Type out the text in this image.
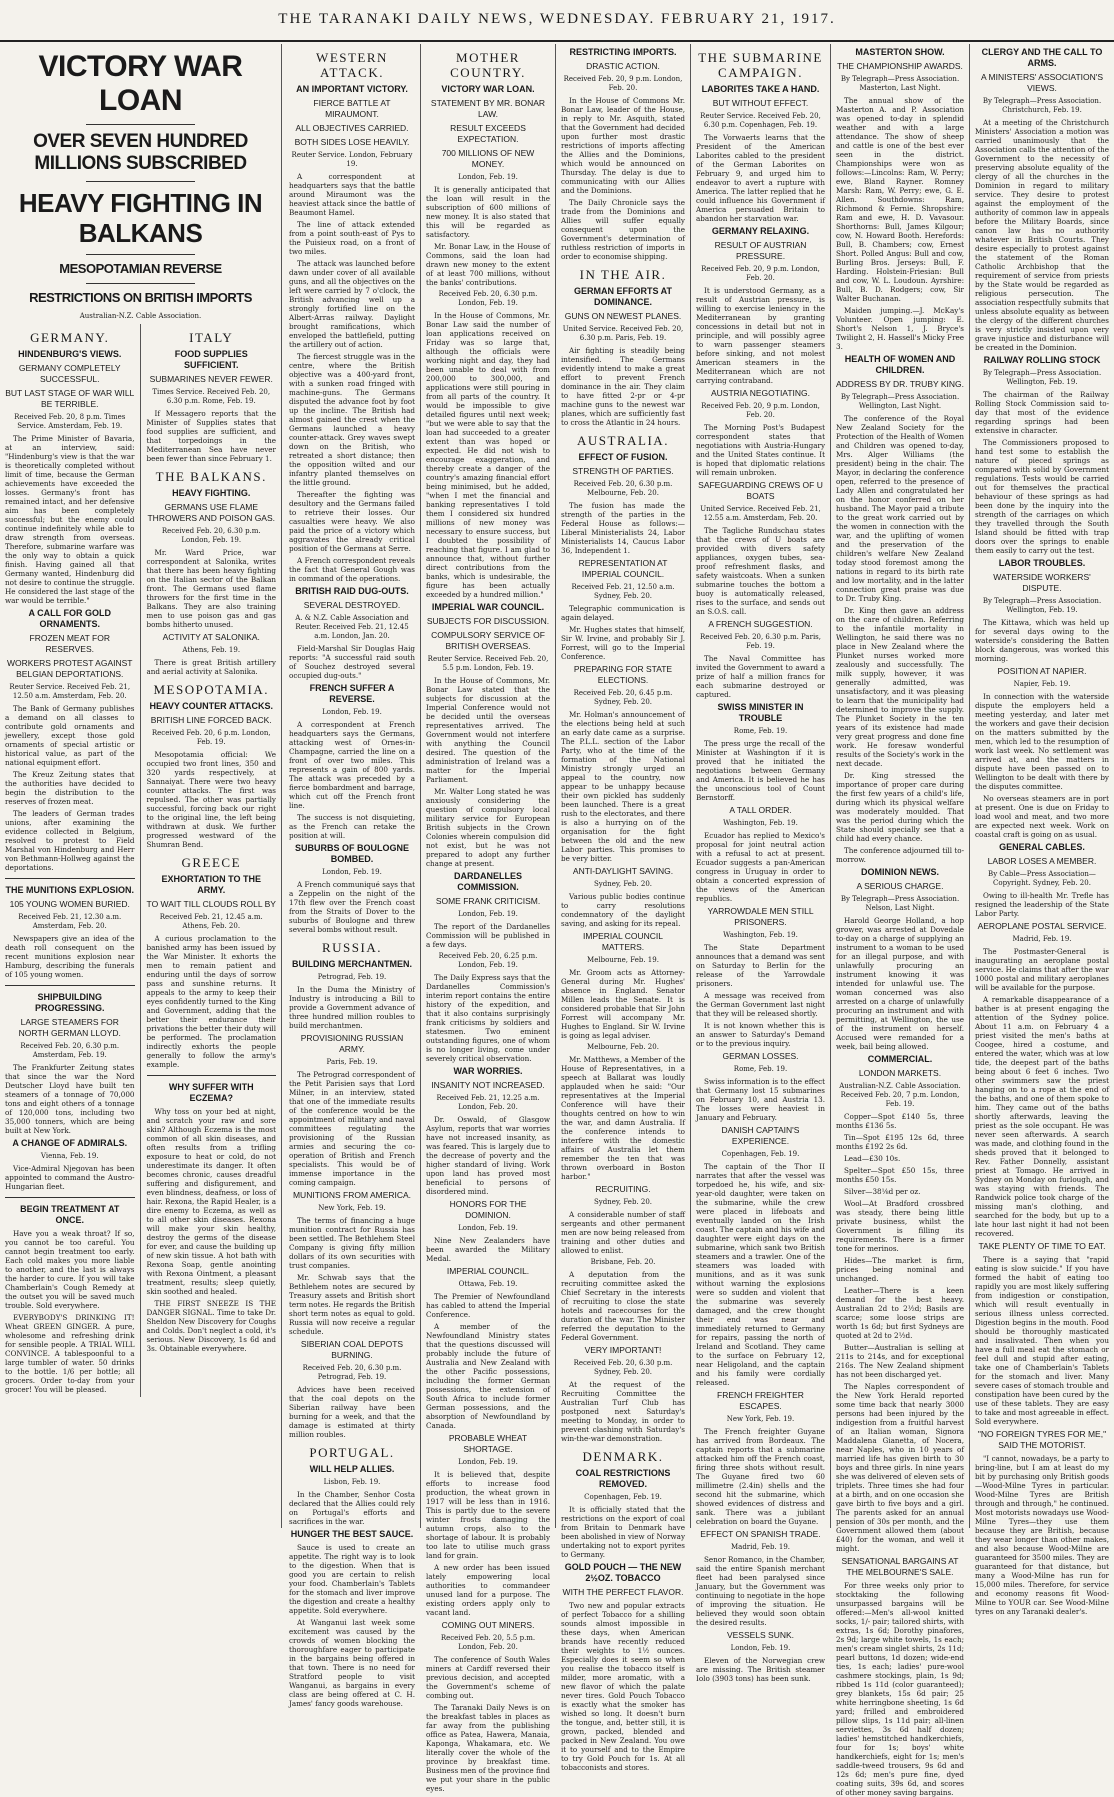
THE TARANAKI DAILY NEWS, WEDNESDAY. FEBRUARY 21, 1917.
VICTORY WAR LOAN
OVER SEVEN HUNDRED MILLIONS SUBSCRIBED
HEAVY FIGHTING IN BALKANS
MESOPOTAMIAN REVERSE
RESTRICTIONS ON BRITISH IMPORTS
Australian-N.Z. Cable Association.
GERMANY.
HINDENBURG'S VIEWS.
GERMANY COMPLETELY SUCCESSFUL.
BUT LAST STAGE OF WAR WILL BE TERRIBLE.
Received Feb. 20, 8 p.m. Times Service. Amsterdam, Feb. 19.

The Prime Minister of Bavaria, at an interview, said: "Hindenburg's view is that the war is theoretically completed without limit of time, because the German achievements have exceeded the losses. Germany's front has remained intact, and her defensive aim has been completely successful; but the enemy could continue indefinitely while able to draw strength from overseas. Therefore, submarine warfare was the only way to obtain a quick finish. Having gained all that Germany wanted, Hindenburg did not desire to continue the struggle. He considered the last stage of the war would be terrible."

A CALL FOR GOLD ORNAMENTS.
FROZEN MEAT FOR RESERVES.
WORKERS PROTEST AGAINST BELGIAN DEPORTATIONS.
Reuter Service. Received Feb. 21, 12.50 a.m. Amsterdam, Feb. 20.

The Bank of Germany publishes a demand on all classes to contribute gold ornaments and jewellery, except those gold ornaments of special artistic or historical value, as part of the national equipment effort.

The Kreuz Zeitung states that the authorities have decided to begin the distribution to the reserves of frozen meat.

The leaders of German trades unions, after examining the evidence collected in Belgium, resolved to protest to Field Marshal von Hindenburg and Herr von Bethmann-Hollweg against the deportations.

THE MUNITIONS EXPLOSION.
105 YOUNG WOMEN BURIED.
Received Feb. 21, 12.30 a.m. Amsterdam, Feb. 20.

Newspapers give an idea of the death roll consequent on the recent munitions explosion near Hamburg, describing the funerals of 105 young women.

SHIPBUILDING PROGRESSING.
LARGE STEAMERS FOR NORTH GERMAN LLOYD.
Received Feb. 20, 6.30 p.m. Amsterdam, Feb. 19.

The Frankfurter Zeitung states that since the war the Nord Deutscher Lloyd have built ten steamers of a tonnage of 70,000 tons and eight others of a tonnage of 120,000 tons, including two 35,000 tonners, which are being built at New York.

A CHANGE OF ADMIRALS.
Vienna, Feb. 19.

Vice-Admiral Njegovan has been appointed to command the Austro-Hungarian fleet.

BEGIN TREATMENT AT ONCE.

Have you a weak throat? If so, you cannot be too careful. You cannot begin treatment too early. Each cold makes you more liable to another, and the last is always the harder to cure. If you will take Chamberlain's Cough Remedy at the outset you will be saved much trouble. Sold everywhere.

EVERYBODY'S DRINKING IT! Wheat GREEN GINGER. A pure, wholesome and refreshing drink for sensible people. A TRIAL WILL CONVINCE. A tablespoonful to a large tumbler of water. 50 drinks to the bottle. 1/6 per bottle; all grocers. Order to-day from your grocer! You will be pleased.

ITALY
FOOD SUPPLIES SUFFICIENT.
SUBMARINES NEVER FEWER.
Times Service. Received Feb. 20, 6.30 p.m. Rome, Feb. 19.

If Messagero reports that the Minister of Supplies states that food supplies are sufficient, and that torpedoings in the Mediterranean Sea have never been fewer than since February 1.

THE BALKANS.
HEAVY FIGHTING.
GERMANS USE FLAME THROWERS AND POISON GAS.
Received Feb. 20, 6.30 p.m. London, Feb. 19.

Mr. Ward Price, war correspondent at Salonika, writes that there has been heavy fighting on the Italian sector of the Balkan front. The Germans used flame throwers for the first time in the Balkans. They are also training men to use poison gas and gas bombs hitherto unused.

ACTIVITY AT SALONIKA.
Athens, Feb. 19.

There is great British artillery and aerial activity at Salonika.

MESOPOTAMIA.
HEAVY COUNTER ATTACKS.
BRITISH LINE FORCED BACK.
Received Feb. 20, 6 p.m. London, Feb. 19.

Mesopotamia official: We occupied two front lines, 350 and 320 yards respectively, at Sannaiyat. There were two heavy counter attacks. The first was repulsed. The other was partially successful, forcing back our right to the original line, the left being withdrawn at dusk. We further progressed westward of the Shumran Bend.

GREECE
EXHORTATION TO THE ARMY.
TO WAIT TILL CLOUDS ROLL BY
Received Feb. 21, 12.45 a.m. Athens, Feb. 20.

A curious proclamation to the banished army has been issued by the War Minister. It exhorts the men to remain patient and enduring until the days of sorrow pass and sunshine returns. It appeals to the army to keep their eyes confidently turned to the King and Government, adding that the better their endurance their privations the better their duty will be performed. The proclamation indirectly exhorts the people generally to follow the army's example.

WHY SUFFER WITH ECZEMA?

Why toss on your bed at night, and scratch your raw and sore skin? Although Eczema is the most common of all skin diseases, and often results from a trifling exposure to heat or cold, do not underestimate its danger. It often becomes chronic, causes dreadful suffering and disfigurement, and even blindness, deafness, or loss of hair. Rexona, the Rapid Healer, is a dire enemy to Eczema, as well as to all other skin diseases. Rexona will make your skin healthy, destroy the germs of the disease for ever, and cause the building up of new skin tissue. A hot bath with Rexona Soap, gentle anointing with Rexona Ointment, a pleasant treatment, results; sleep quietly, skin soothed and healed.

THE FIRST SNEEZE IS THE DANGER SIGNAL. Time to take Dr. Sheldon New Discovery for Coughs and Colds. Don't neglect a cold, it's serious. New Discovery, 1s 6d and 3s. Obtainable everywhere.

WESTERN ATTACK.
AN IMPORTANT VICTORY.
FIERCE BATTLE AT MIRAUMONT.
ALL OBJECTIVES CARRIED.
BOTH SIDES LOSE HEAVILY.
Reuter Service. London, February 19.

A correspondent at headquarters says that the battle around Miraumont was the heaviest attack since the battle of Beaumont Hamel.

The line of attack extended from a point south-east of Pys to the Puisieux road, on a front of two miles.

The attack was launched before dawn under cover of all available guns, and all the objectives on the left were carried by 7 o'clock, the British advancing well up a strongly fortified line on the Albert-Arras railway. Daylight brought ramifications, which enveloped the battlefield, putting the artillery out of action.

The fiercest struggle was in the centre, where the British objective was a 400-yard front, with a sunken road fringed with machine-guns. The Germans disputed the advance foot by foot up the incline. The British had almost gained the crest when the Germans launched a heavy counter-attack. Grey waves swept down on the British, who retreated a short distance; then the opposition wilted and our infantry planted themselves on the little ground.

Thereafter the fighting was desultory and the Germans failed to retrieve their losses. Our casualties were heavy. We also paid the price of a victory which aggravates the already critical position of the Germans at Serre.

A French correspondent reveals the fact that General Gough was in command of the operations.

BRITISH RAID DUG-OUTS.
SEVERAL DESTROYED.
A. & N.Z. Cable Association and Reuter. Received Feb. 21, 12.45 a.m. London, Jan. 20.

Field-Marshal Sir Douglas Haig reports: "A successful raid south of Souchez destroyed several occupied dug-outs."

FRENCH SUFFER A REVERSE.
London, Feb. 19.

A correspondent at French headquarters says the Germans, attacking west of Ornes-in-Champagne, carried the line on a front of over two miles. This represents a gain of 800 yards. The attack was preceded by a fierce bombardment and barrage, which cut off the French front line.

The success is not disquieting, as the French can retake the position at will.

SUBURBS OF BOULOGNE BOMBED.
London, Feb. 19.

A French communiqué says that a Zeppelin on the night of the 17th flew over the French coast from the Straits of Dover to the suburbs of Boulogne and threw several bombs without result.

RUSSIA.
BUILDING MERCHANTMEN.
Petrograd, Feb. 19.

In the Duma the Ministry of Industry is introducing a Bill to provide a Government advance of three hundred million roubles to build merchantmen.

PROVISIONING RUSSIAN ARMY.
Paris, Feb. 19.

The Petrograd correspondent of the Petit Parisien says that Lord Milner, in an interview, stated that one of the immediate results of the conference would be the appointment of military and naval committees regulating the provisioning of the Russian armies and securing the co-operation of British and French specialists. This would be of immense importance in the coming campaign.

MUNITIONS FROM AMERICA.
New York, Feb. 19.

The terms of financing a huge munition contract for Russia has been settled. The Bethlehem Steel Company is giving fifty million dollars of its own securities with trust companies.

Mr. Schwab says that the Bethlehem notes are secured by Treasury assets and British short term notes. He regards the British short term notes as equal to gold. Russia will now receive a regular schedule.

SIBERIAN COAL DEPOTS BURNING.
Received Feb. 20, 6.30 p.m. Petrograd, Feb. 19.

Advices have been received that the coal depots on the Siberian railway have been burning for a week, and that the damage is estimated at thirty million roubles.

PORTUGAL.
WILL HELP ALLIES.
Lisbon, Feb. 19.

In the Chamber, Senhor Costa declared that the Allies could rely on Portugal's efforts and sacrifices in the war.

HUNGER THE BEST SAUCE.

Sauce is used to create an appetite. The right way is to look to the digestion. When that is good you are certain to relish your food. Chamberlain's Tablets for the stomach and liver improve the digestion and create a healthy appetite. Sold everywhere.

At Wanganui last week some excitement was caused by the crowds of women blocking the thoroughfare eager to participate in the bargains being offered in that town. There is no need for Stratford people to visit Wanganui, as bargains in every class are being offered at C. H. James' fancy goods warehouse.

MOTHER COUNTRY.
VICTORY WAR LOAN.
STATEMENT BY MR. BONAR LAW.
RESULT EXCEEDS EXPECTATION.
700 MILLIONS OF NEW MONEY.
London, Feb. 19.

It is generally anticipated that the loan will result in the subscription of 600 millions of new money. It is also stated that this will be regarded as satisfactory.

Mr. Bonar Law, in the House of Commons, said the loan had drawn new money to the extent of at least 700 millions, without the banks' contributions.

Received Feb. 20, 6.30 p.m. London, Feb. 19.

In the House of Commons, Mr. Bonar Law said the number of loan applications received on Friday was so large that, although the officials were working night and day, they had been unable to deal with from 200,000 to 300,000, and applications were still pouring in from all parts of the country. It would be impossible to give detailed figures until next week; "but we were able to say that the loan had succeeded to a greater extent than was hoped or expected. He did not wish to encourage exaggeration, and thereby create a danger of the country's amazing financial effort being minimised, but he added, "when I met the financial and banking representatives I told them I considered six hundred millions of new money was necessary to ensure success, but I doubted the possibility of reaching that figure. I am glad to announce that, without further direct contributions from the banks, which is undesirable, the figure has been actually exceeded by a hundred million."

IMPERIAL WAR COUNCIL.
SUBJECTS FOR DISCUSSION.
COMPULSORY SERVICE OF BRITISH OVERSEAS.
Reuter Service. Received Feb. 20, 5.5 p.m. London, Feb. 19.

In the House of Commons, Mr. Bonar Law stated that the subjects for discussion at the Imperial Conference would not be decided until the overseas representatives arrived. The Government would not interfere with anything the Council desired. The question of the administration of Ireland was a matter for the Imperial Parliament.

Mr. Walter Long stated he was anxiously considering the question of compulsory local military service for European British subjects in the Crown Colonies wherein compulsion did not exist, but he was not prepared to adopt any further change at present.

DARDANELLES COMMISSION.
SOME FRANK CRITICISM.
London, Feb. 19.

The report of the Dardanelles Commission will be published in a few days.

Received Feb. 20, 6.25 p.m. London, Feb. 19.

The Daily Express says that the Dardanelles Commission's interim report contains the entire history of the expedition, and that it also contains surprisingly frank criticisms by soldiers and statesmen. Two eminent outstanding figures, one of whom is no longer living, come under severely critical observation.

WAR WORRIES.
INSANITY NOT INCREASED.
Received Feb. 21, 12.25 a.m. London, Feb. 20.

Dr. Oswald, of Glasgow Asylum, reports that war worries have not increased insanity, as was feared. This is largely due to the decrease of poverty and the higher standard of living. Work upon land has proved most beneficial to persons of disordered mind.

HONORS FOR THE DOMINION.
London, Feb. 19.

Nine New Zealanders have been awarded the Military Medal.

IMPERIAL COUNCIL.
Ottawa, Feb. 19.

The Premier of Newfoundland has cabled to attend the Imperial Conference.

A member of the Newfoundland Ministry states that the questions discussed will probably include the future of Australia and New Zealand with the other Pacific possessions, including the former German possessions, the extension of South Africa to include former German possessions, and the absorption of Newfoundland by Canada.

PROBABLE WHEAT SHORTAGE.
London, Feb. 19.

It is believed that, despite efforts to increase food production, the wheat grown in 1917 will be less than in 1916. This is partly due to the severe winter frosts damaging the autumn crops, also to the shortage of labour. It is probably too late to utilise much grass land for grain.

A new order has been issued lately empowering local authorities to commandeer unused land for a purpose. The existing orders apply only to vacant land.

COMING OUT MINERS.
Received Feb. 20, 5.5 p.m. London, Feb. 20.

The conference of South Wales miners at Cardiff reversed their previous decision, and accepted the Government's scheme of combing out.

The Taranaki Daily News is on the breakfast tables in places as far away from the publishing office as Patea, Hawera, Manaia, Kaponga, Whakamara, etc. We literally cover the whole of the province by breakfast time. Business men of the province find we put your share in the public eyes.

RESTRICTING IMPORTS.
DRASTIC ACTION.
Received Feb. 20, 9 p.m. London, Feb. 20.

In the House of Commons Mr. Bonar Law, leader of the House, in reply to Mr. Asquith, stated that the Government had decided upon further most drastic restrictions of imports affecting the Allies and the Dominions, which would be announced on Thursday. The delay is due to communicating with our Allies and the Dominions.

The Daily Chronicle says the trade from the Dominions and Allies will suffer equally consequent upon the Government's determination of ruthless restriction of imports in order to economise shipping.

IN THE AIR.
GERMAN EFFORTS AT DOMINANCE.
GUNS ON NEWEST PLANES.
United Service. Received Feb. 20, 6.30 p.m. Paris, Feb. 19.

Air fighting is steadily being intensified. The Germans evidently intend to make a great effort to prevent French dominance in the air. They claim to have fitted 2-pr or 4-pr machine guns to the newest war planes, which are sufficiently fast to cross the Atlantic in 24 hours.

AUSTRALIA.
EFFECT OF FUSION.
STRENGTH OF PARTIES.
Received Feb. 20, 6.30 p.m. Melbourne, Feb. 20.

The fusion has made the strength of the parties in the Federal House as follows:—Liberal Ministerialists 24, Labor Ministerialists 14, Caucus Labor 36, Independent 1.

REPRESENTATION AT IMPERIAL COUNCIL.
Received Feb. 21, 12.50 a.m. Sydney, Feb. 20.

Telegraphic communication is again delayed.

Mr. Hughes states that himself, Sir W. Irvine, and probably Sir J. Forrest, will go to the Imperial Conference.

PREPARING FOR STATE ELECTIONS.
Received Feb. 20, 6.45 p.m. Sydney, Feb. 20.

Mr. Holman's announcement of the elections being held at such an early date came as a surprise. The P.L.L. section of the Labor Party, who at the time of the formation of the National Ministry strongly urged an appeal to the country, now appear to be unhappy because their own pickled has suddenly been launched. There is a great rush to the electorates, and there is also a hurrying on of the organisation for the fight between the old and the new Labor parties. This promises to be very bitter.

ANTI-DAYLIGHT SAVING.
Sydney, Feb. 20.

Various public bodies continue to carry resolutions condemnatory of the daylight saving, and asking for its repeal.

IMPERIAL COUNCIL MATTERS.
Melbourne, Feb. 19.

Mr. Groom acts as Attorney-General during Mr. Hughes' absence in England. Senator Millen leads the Senate. It is considered probable that Sir John Forrest will accompany Mr. Hughes to England. Sir W. Irvine is going as legal adviser.

Melbourne, Feb. 20.

Mr. Matthews, a Member of the House of Representatives, in a speech at Ballarat was loudly applauded when he said: "Our representatives at the Imperial Conference will have their thoughts centred on how to win the war, and damn Australia. If the conference intends to interfere with the domestic affairs of Australia let them remember the ten that was thrown overboard in Boston harbor."

RECRUITING.
Sydney, Feb. 20.

A considerable number of staff sergeants and other permanent men are now being released from training and other duties and allowed to enlist.

Brisbane, Feb. 20.

A deputation from the recruiting committee asked the Chief Secretary in the interests of recruiting to close the state hotels and racecourses for the duration of the war. The Minister referred the deputation to the Federal Government.

VERY IMPORTANT!
Received Feb. 20, 6.30 p.m. Sydney, Feb. 20.

At the request of the Recruiting Committee the Australian Turf Club has postponed next Saturday's meeting to Monday, in order to prevent clashing with Saturday's win-the-war demonstration.

DENMARK.
COAL RESTRICTIONS REMOVED.
Copenhagen, Feb. 19.

It is officially stated that the restrictions on the export of coal from Britain to Denmark have been abolished in view of Norway undertaking not to export pyrites to Germany.

GOLD POUCH — THE NEW 2½OZ. TOBACCO
WITH THE PERFECT FLAVOR.

Two new and popular extracts of perfect Tobacco for a shilling sounds almost impossible in these days, when American brands have recently reduced their weights to 1½ ounces. Especially does it seem so when you realise the tobacco itself is milder, more aromatic, with a new flavor of which the palate never tires. Gold Pouch Tobacco is exactly what the smoker has wished so long. It doesn't burn the tongue, and, better still, it is grown, packed, blended and packed in New Zealand. You owe it to yourself and to the Empire to try Gold Pouch for 1s. At all tobacconists and stores.

THE SUBMARINE CAMPAIGN.
LABORITES TAKE A HAND.
BUT WITHOUT EFFECT.
Reuter Service. Received Feb. 20, 6.30 p.m. Copenhagen, Feb. 19.

The Vorwaerts learns that the President of the American Laborites cabled to the president of the German Laborites on February 9, and urged him to endeavor to avert a rupture with America. The latter replied that he could influence his Government if America persuaded Britain to abandon her starvation war.

GERMANY RELAXING.
RESULT OF AUSTRIAN PRESSURE.
Received Feb. 20, 9 p.m. London, Feb. 20.

It is understood Germany, as a result of Austrian pressure, is willing to exercise leniency in the Mediterranean by granting concessions in detail but not in principle, and will possibly agree to warn passenger steamers before sinking, and not molest American steamers in the Mediterranean which are not carrying contraband.

AUSTRIA NEGOTIATING.
Received Feb. 20, 9 p.m. London, Feb. 20.

The Morning Post's Budapest correspondent states that negotiations with Austria-Hungary and the United States continue. It is hoped that diplomatic relations will remain unbroken.

SAFEGUARDING CREWS OF U BOATS
United Service. Received Feb. 21, 12.55 a.m. Amsterdam, Feb. 20.

The Tagliche Rundschau states that the crews of U boats are provided with divers safety appliances, oxygen tubes, sea-proof refreshment flasks, and safety waistcoats. When a sunken submarine touches the bottom a buoy is automatically released, rises to the surface, and sends out an S.O.S. call.

A FRENCH SUGGESTION.
Received Feb. 20, 6.30 p.m. Paris, Feb. 19.

The Naval Committee has invited the Government to award a prize of half a million francs for each submarine destroyed or captured.

SWISS MINISTER IN TROUBLE
Rome, Feb. 19.

The press urge the recall of the Minister at Washington if it is proved that he initiated the negotiations between Germany and America. It is believed he has the unconscious tool of Count Bernstorff.

A TALL ORDER.
Washington, Feb. 19.

Ecuador has replied to Mexico's proposal for joint neutral action with a refusal to act at present. Ecuador suggests a pan-American congress in Uruguay in order to obtain a concerted expression of the views of the American republics.

YARROWDALE MEN STILL PRISONERS.
Washington, Feb. 19.

The State Department announces that a demand was sent on Saturday to Berlin for the release of the Yarrowdale prisoners.

A message was received from the German Government last night that they will be released shortly.

It is not known whether this is an answer to Saturday's Demand or to the previous inquiry.

GERMAN LOSSES.
Rome, Feb. 19.

Swiss information is to the effect that Germany lost 15 submarines on February 10, and Austria 13. The losses were heaviest in January and February.

DANISH CAPTAIN'S EXPERIENCE.
Copenhagen, Feb. 19.

The captain of the Thor II narrates that after the vessel was torpedoed he, his wife, and six-year-old daughter, were taken on the submarine, while the crew were placed in lifeboats and eventually landed on the Irish coast. The captain and his wife and daughter were eight days on the submarine, which sank two British steamers and a trawler. One of the steamers was loaded with munitions, and as it was sunk without warning the explosions were so sudden and violent that the submarine was severely damaged, and the crew thought their end was near and immediately returned to Germany for repairs, passing the north of Ireland and Scotland. They came to the surface on February 12, near Heligoland, and the captain and his family were cordially released.

FRENCH FREIGHTER ESCAPES.
New York, Feb. 19.

The French freighter Guyane has arrived from Bordeaux. The captain reports that a submarine attacked him off the French coast, firing three shots without result. The Guyane fired two 60 millimetre (2.4in) shells and the second hit the submarine, which showed evidences of distress and sank. There was a jubilant celebration on board the Guyane.

EFFECT ON SPANISH TRADE.
Madrid, Feb. 19.

Senor Romanco, in the Chamber, said the entire Spanish merchant fleet had been paralysed since January, but the Government was continuing to negotiate in the hope of improving the situation. He believed they would soon obtain the desired results.

VESSELS SUNK.
London, Feb. 19.

Eleven of the Norwegian crew are missing. The British steamer Iolo (3903 tons) has been sunk.

MASTERTON SHOW.
THE CHAMPIONSHIP AWARDS.
By Telegraph—Press Association. Masterton, Last Night.

The annual show of the Masterton A. and P. Association was opened to-day in splendid weather and with a large attendance. The show of sheep and cattle is one of the best ever seen in the district. Championships were won as follows:—Lincolns: Ram, W. Perry; ewe, Bland Rayner. Romney Marsh: Ram, W. Perry; ewe, G. E. Allen. Southdowns: Ram, Richmond & Fernie. Shropshire: Ram and ewe, H. D. Vavasour. Shorthorns: Bull, James Kilgour; cow, N. Howard Booth. Herefords: Bull, B. Chambers; cow, Ernest Short. Polled Angus: Bull and cow, Burling Bros. Jerseys: Bull, F. Harding. Holstein-Friesian: Bull and cow, W. L. Loudoun. Ayrshire: Bull, B. D. Rodgers; cow, Sir Walter Buchanan.

Maiden jumping.—J. McKay's Volunteer. Open jumping: E. Short's Nelson 1, J. Bryce's Twilight 2, H. Hassell's Micky Free 3.

HEALTH OF WOMEN AND CHILDREN.
ADDRESS BY DR. TRUBY KING.
By Telegraph—Press Association. Wellington, Last Night.

The conference of the Royal New Zealand Society for the Protection of the Health of Women and Children was opened to-day, Mrs. Alger Williams (the president) being in the chair. The Mayor, in declaring the conference open, referred to the presence of Lady Allen and congratulated her on the honor conferred on her husband. The Mayor paid a tribute to the great work carried out by the women in connection with the war, and the uplifting of women and the preservation of the children's welfare New Zealand today stood foremost among the nations in regard to its birth rate and low mortality, and in the latter connection great praise was due to Dr. Truby King.

Dr. King then gave an address on the care of children. Referring to the infantile mortality in Wellington, he said there was no place in New Zealand where the Plunket nurses worked more zealously and successfully. The milk supply, however, it was generally admitted, was unsatisfactory, and it was pleasing to learn that the municipality had determined to improve the supply. The Plunket Society in the ten years of its existence had made very great progress and done fine work. He foresaw wonderful results of the Society's work in the next decade.

Dr. King stressed the importance of proper care during the first few years of a child's life, during which its physical welfare was moderately moulded. That was the period during which the State should specially see that a child had every chance.

The conference adjourned till to-morrow.

DOMINION NEWS.
A SERIOUS CHARGE.
By Telegraph—Press Association. Nelson, Last Night.

Harold George Holland, a hop grower, was arrested at Dovedale to-day on a charge of supplying an instrument to a woman to be used for an illegal purpose, and with unlawfully procuring an instrument knowing it was intended for unlawful use. The woman concerned was also arrested on a charge of unlawfully procuring an instrument and with permitting, at Wellington, the use of the instrument on herself. Accused were remanded for a week, bail being allowed.

COMMERCIAL.
LONDON MARKETS.
Australian-N.Z. Cable Association. Received Feb. 20, 7 p.m. London, Feb. 19.

Copper—Spot £140 5s, three months £136 5s.

Tin—Spot £195 12s 6d, three months £192 2s 6d.

Lead—£30 10s.

Spelter—Spot £50 15s, three months £50 15s.

Silver—38⅛d per oz.

Wool—At Bradford crossbred was steady, there being little private business, whilst the Government is filling its requirements. There is a firmer tone for merinos.

Hides—The market is firm, prices being nominal and unchanged.

Leather—There is a keen demand for the best heavy. Australian 2d to 2½d; Basils are scarce; some loose strips are worth 1s 6d; but first Sydneys are quoted at 2d to 2½d.

Butter—Australian is selling at 211s to 214s, and for exceptional 216s. The New Zealand shipment has not been discharged yet.

The Naples correspondent of the New York Herald reported some time back that nearly 3000 persons had been injured by the indigestion from a fruitful harvest of an Italian woman, Signora Maddalena Gianetta, of Nocera, near Naples, who in 10 years of married life has given birth to 30 boys and three girls. In nine years she was delivered of eleven sets of triplets. Three times she had four at a birth, and on one occasion she gave birth to five boys and a girl. The parents asked for an annual pension of 30s per month, and the Government allowed them (about £40) for the woman, and well it might.

SENSATIONAL BARGAINS AT THE MELBOURNE'S SALE.

For three weeks only prior to stocktaking the following unsurpassed bargains will be offered:—Men's all-wool knitted socks, 1/- pair; tailored shirts, with extras, 1s 6d; Dorothy pinafores, 2s 9d; large white towels, 1s each; men's cream singlet shirts, 2s 11d; pearl buttons, 1d dozen; wide-end ties, 1s each; ladies' pure-wool cashmere stockings, plain, 1s 9d; ribbed 1s 11d (color guaranteed); grey blankets, 15s 6d pair; 25 white herringbone sheeting, 1s 6d yard; frilled and embroidered pillow slips, 1s 11d pair; all-linen serviettes, 3s 6d half dozen; ladies' hemstitched handkerchiefs, four for 1s; boys' white handkerchiefs, eight for 1s; men's saddle-tweed trousers, 9s 6d and 12s 6d; men's pure fine, dyed coating suits, 39s 6d, and scores of other money saving bargains.

CLERGY AND THE CALL TO ARMS.
A MINISTERS' ASSOCIATION'S VIEWS.
By Telegraph—Press Association. Christchurch, Feb. 19.

At a meeting of the Christchurch Ministers' Association a motion was carried unanimously that the Association calls the attention of the Government to the necessity of preserving absolute equality of the clergy of all the churches in the Dominion in regard to military service. They desire to protest against the employment of the authority of common law in appeals before the Military Boards, since canon law has no authority whatever in British Courts. They desire especially to protest against the statement of the Roman Catholic Archbishop that the requirement of service from priests by the State would be regarded as religious persecution. The association respectfully submits that unless absolute equality as between the clergy of the different churches is very strictly insisted upon very grave injustice and disturbance will be created in the Dominion.

RAILWAY ROLLING STOCK
By Telegraph—Press Association. Wellington, Feb. 19.

The chairman of the Railway Rolling Stock Commission said to-day that most of the evidence regarding springs had been extensive in character.

The Commissioners proposed to hand test some to establish the nature of pieced springs as compared with solid by Government regulations. Tests would be carried out for themselves the practical behaviour of these springs as had been done by the inquiry into the strength of the carriages on which they travelled through the South Island should be fitted with trap doors over the springs to enable them easily to carry out the test.

LABOR TROUBLES.
WATERSIDE WORKERS' DISPUTE.
By Telegraph—Press Association. Wellington, Feb. 19.

The Kittawa, which was held up for several days owing to the waterside's considering the Batten block dangerous, was worked this morning.

POSITION AT NAPIER.
Napier, Feb. 19.

In connection with the waterside dispute the employers held a meeting yesterday, and later met the workers and gave their decision on the matters submitted by the men, which led to the resumption of work last week. No settlement was arrived at, and the matters in dispute have been passed on to Wellington to be dealt with there by the disputes committee.

No overseas steamers are in port at present. One is due on Friday to load wool and meat, and two more are expected next week. Work on coastal craft is going on as usual.

GENERAL CABLES.
LABOR LOSES A MEMBER.
By Cable—Press Association—Copyright. Sydney, Feb. 20.

Owing to ill-health Mr. Trefle has resigned the leadership of the State Labor Party.

AEROPLANE POSTAL SERVICE.
Madrid, Feb. 19.

The Postmaster-General is inaugurating an aeroplane postal service. He claims that after the war 1000 postal and military aeroplanes will be available for the purpose.

A remarkable disappearance of a bather is at present engaging the attention of the Sydney police. About 11 a.m. on February 4 a priest visited the men's baths at Coogee, hired a costume, and entered the water, which was at low tide, the deepest part of the baths being about 6 feet 6 inches. Two other swimmers saw the priest hanging on to a rope at the end of the baths, and one of them spoke to him. They came out of the baths shortly afterwards, leaving the priest as the sole occupant. He was never seen afterwards. A search was made, and clothing found in the sheds proved that it belonged to Rev. Father Donnelly, assistant priest at Tomago. He arrived in Sydney on Monday on furlough, and was staying with friends. The Randwick police took charge of the missing man's clothing, and searched for the body, but up to a late hour last night it had not been recovered.

TAKE PLENTY OF TIME TO EAT.

There is a saying that "rapid eating is slow suicide." If you have formed the habit of eating too rapidly you are most likely suffering from indigestion or constipation, which will result eventually in serious illness unless corrected. Digestion begins in the mouth. Food should be thoroughly masticated and insalivated. Then when you have a full meal eat the stomach or feel dull and stupid after eating, take one of Chamberlain's Tablets for the stomach and liver. Many severe cases of stomach trouble and constipation have been cured by the use of these tablets. They are easy to take and most agreeable in effect. Sold everywhere.

"NO FOREIGN TYRES FOR ME," SAID THE MOTORIST.

"I cannot, nowadays, be a party to bring-line, but I am at least do my bit by purchasing only British goods—Wood-Milne Tyres in particular. Wood-Milne Tyres are British through and through," he continued. Most motorists nowadays use Wood-Milne Tyres—they use them because they are British, because they wear longer than other makes, and also because Wood-Milne are guaranteed for 3500 miles. They are guaranteed for that distance, but many a Wood-Milne has run for 15,000 miles. Therefore, for service and economy reasons fit Wood-Milne to YOUR car. See Wood-Milne tyres on any Taranaki dealer's.
